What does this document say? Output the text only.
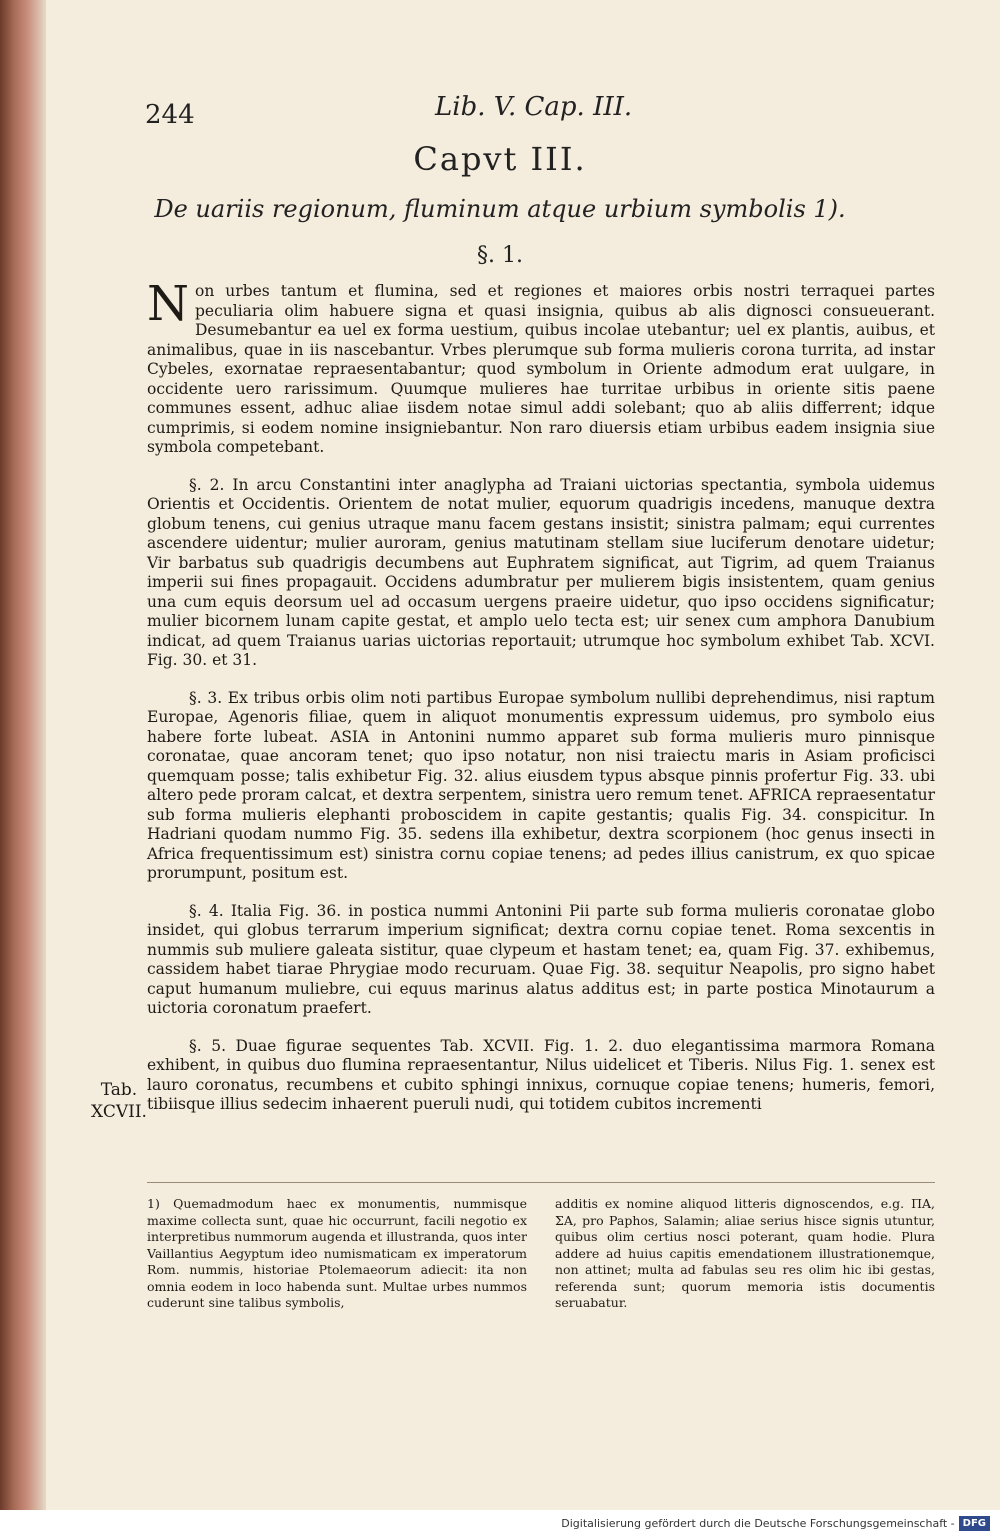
244	Lib. V. Cap. III.
Capvt III.
De uariis regionum, fluminum atque urbium symbolis 1).
§. 1.

Non urbes tantum et flumina, sed et regiones et maiores orbis nostri terraquei partes peculiaria olim habuere signa et quasi insignia, quibus ab alis dignosci consueuerant. Desumebantur ea uel ex forma uestium, quibus incolae utebantur; uel ex plantis, auibus, et animalibus, quae in iis nascebantur. Vrbes plerumque sub forma mulieris corona turrita, ad instar Cybeles, exornatae repraesentabantur; quod symbolum in Oriente admodum erat uulgare, in occidente uero rarissimum. Quumque mulieres hae turritae urbibus in oriente sitis paene communes essent, adhuc aliae iisdem notae simul addi solebant; quo ab aliis differrent; idque cumprimis, si eodem nomine insigniebantur. Non raro diuersis etiam urbibus eadem insignia siue symbola competebant.

§. 2. In arcu Constantini inter anaglypha ad Traiani uictorias spectantia, symbola uidemus Orientis et Occidentis. Orientem de notat mulier, equorum quadrigis incedens, manuque dextra globum tenens, cui genius utraque manu facem gestans insistit; sinistra palmam; equi currentes ascendere uidentur; mulier auroram, genius matutinam stellam siue luciferum denotare uidetur; Vir barbatus sub quadrigis decumbens aut Euphratem significat, aut Tigrim, ad quem Traianus imperii sui fines propagauit. Occidens adumbratur per mulierem bigis insistentem, quam genius una cum equis deorsum uel ad occasum uergens praeire uidetur, quo ipso occidens significatur; mulier bicornem lunam capite gestat, et amplo uelo tecta est; uir senex cum amphora Danubium indicat, ad quem Traianus uarias uictorias reportauit; utrumque hoc symbolum exhibet Tab. XCVI. Fig. 30. et 31.

§. 3. Ex tribus orbis olim noti partibus Europae symbolum nullibi deprehendimus, nisi raptum Europae, Agenoris filiae, quem in aliquot monumentis expressum uidemus, pro symbolo eius habere forte lubeat. ASIA in Antonini nummo apparet sub forma mulieris muro pinnisque coronatae, quae ancoram tenet; quo ipso notatur, non nisi traiectu maris in Asiam proficisci quemquam posse; talis exhibetur Fig. 32. alius eiusdem typus absque pinnis profertur Fig. 33. ubi altero pede proram calcat, et dextra serpentem, sinistra uero remum tenet. AFRICA repraesentatur sub forma mulieris elephanti proboscidem in capite gestantis; qualis Fig. 34. conspicitur. In Hadriani quodam nummo Fig. 35. sedens illa exhibetur, dextra scorpionem (hoc genus insecti in Africa frequentissimum est) sinistra cornu copiae tenens; ad pedes illius canistrum, ex quo spicae prorumpunt, positum est.

§. 4. Italia Fig. 36. in postica nummi Antonini Pii parte sub forma mulieris coronatae globo insidet, qui globus terrarum imperium significat; dextra cornu copiae tenet. Roma sexcentis in nummis sub muliere galeata sistitur, quae clypeum et hastam tenet; ea, quam Fig. 37. exhibemus, cassidem habet tiarae Phrygiae modo recuruam. Quae Fig. 38. sequitur Neapolis, pro signo habet caput humanum muliebre, cui equus marinus alatus additus est; in parte postica Minotaurum a uictoria coronatum praefert.

§. 5. Duae figurae sequentes Tab. XCVII. Fig. 1. 2. duo elegantissima marmora Romana exhibent, in quibus duo flumina repraesentantur, Nilus uidelicet et Tiberis. Nilus Fig. 1. senex est lauro coronatus, recumbens et cubito sphingi innixus, cornuque copiae tenens; humeris, femori, tibiisque illius sedecim inhaerent pueruli nudi, qui totidem cubitos incrementi

Tab.
XCVII.
1) Quemadmodum haec ex monumentis, nummisque maxime collecta sunt, quae hic occurrunt, facili negotio ex interpretibus nummorum augenda et illustranda, quos inter Vaillantius Aegyptum ideo numismaticam ex imperatorum Rom. nummis, historiae Ptolemaeorum adiecit: ita non omnia eodem in loco habenda sunt. Multae urbes nummos cuderunt sine talibus symbolis,
additis ex nomine aliquod litteris dignoscendos, e.g. ΠΑ, ΣΑ, pro Paphos, Salamin; aliae serius hisce signis utuntur, quibus olim certius nosci poterant, quam hodie. Plura addere ad huius capitis emendationem illustrationemque, non attinet; multa ad fabulas seu res olim hic ibi gestas, referenda sunt; quorum memoria istis documentis seruabatur.
Digitalisierung gefördert durch die Deutsche Forschungsgemeinschaft - DFG
